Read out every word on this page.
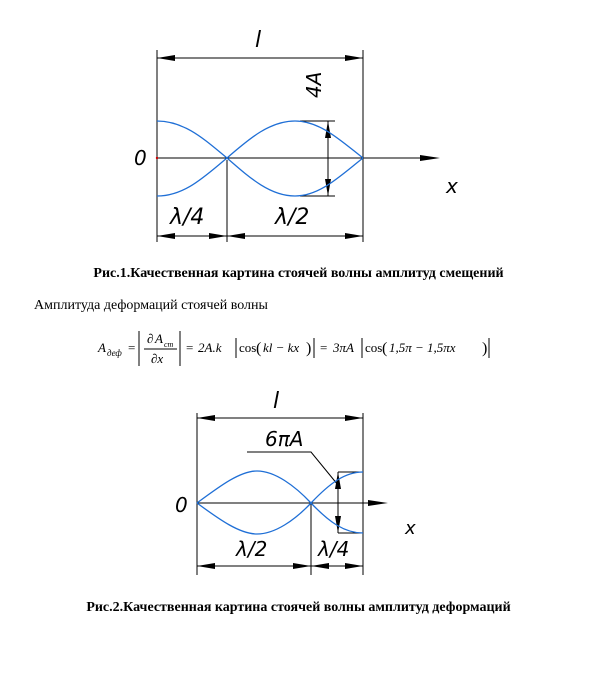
l
4A
0
x
λ/4	λ/2
Рис.1.Качественная картина стоячей волны амплитуд смещений
Амплитуда деформаций стоячей волны
A деф =
∂ A cm
∂x
= 2A.k cos ( kl − kx ) = 3πA cos ( 1,5π − 1,5πx )
l
6πA
0
x
λ/2	λ/4
Рис.2.Качественная картина стоячей волны амплитуд деформаций
